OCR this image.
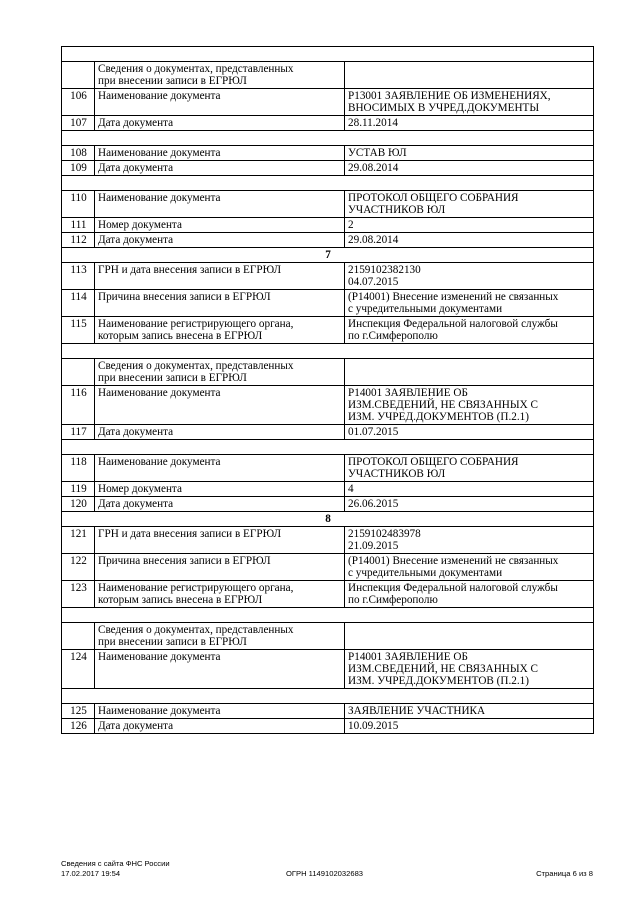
	Сведения о документах, представленных
при внесении записи в ЕГРЮЛ	
106	Наименование документа	Р13001 ЗАЯВЛЕНИЕ ОБ ИЗМЕНЕНИЯХ,
ВНОСИМЫХ В УЧРЕД.ДОКУМЕНТЫ
107	Дата документа	28.11.2014

108	Наименование документа	УСТАВ ЮЛ
109	Дата документа	29.08.2014

110	Наименование документа	ПРОТОКОЛ ОБЩЕГО СОБРАНИЯ
УЧАСТНИКОВ ЮЛ
111	Номер документа	2
112	Дата документа	29.08.2014
7		
113	ГРН и дата внесения записи в ЕГРЮЛ	2159102382130
04.07.2015
114	Причина внесения записи в ЕГРЮЛ	(Р14001) Внесение изменений не связанных
с учредительными документами
115	Наименование регистрирующего органа,
которым запись внесена в ЕГРЮЛ	Инспекция Федеральной налоговой службы
по г.Симферополю

	Сведения о документах, представленных
при внесении записи в ЕГРЮЛ	
116	Наименование документа	Р14001 ЗАЯВЛЕНИЕ ОБ
ИЗМ.СВЕДЕНИЙ, НЕ СВЯЗАННЫХ С
ИЗМ. УЧРЕД.ДОКУМЕНТОВ (П.2.1)
117	Дата документа	01.07.2015

118	Наименование документа	ПРОТОКОЛ ОБЩЕГО СОБРАНИЯ
УЧАСТНИКОВ ЮЛ
119	Номер документа	4
120	Дата документа	26.06.2015
8		
121	ГРН и дата внесения записи в ЕГРЮЛ	2159102483978
21.09.2015
122	Причина внесения записи в ЕГРЮЛ	(Р14001) Внесение изменений не связанных
с учредительными документами
123	Наименование регистрирующего органа,
которым запись внесена в ЕГРЮЛ	Инспекция Федеральной налоговой службы
по г.Симферополю

	Сведения о документах, представленных
при внесении записи в ЕГРЮЛ	
124	Наименование документа	Р14001 ЗАЯВЛЕНИЕ ОБ
ИЗМ.СВЕДЕНИЙ, НЕ СВЯЗАННЫХ С
ИЗМ. УЧРЕД.ДОКУМЕНТОВ (П.2.1)

125	Наименование документа	ЗАЯВЛЕНИЕ УЧАСТНИКА
126	Дата документа	10.09.2015
Сведения с сайта ФНС России
17.02.2017 19:54	ОГРН 1149102032683	Страница 6 из 8
